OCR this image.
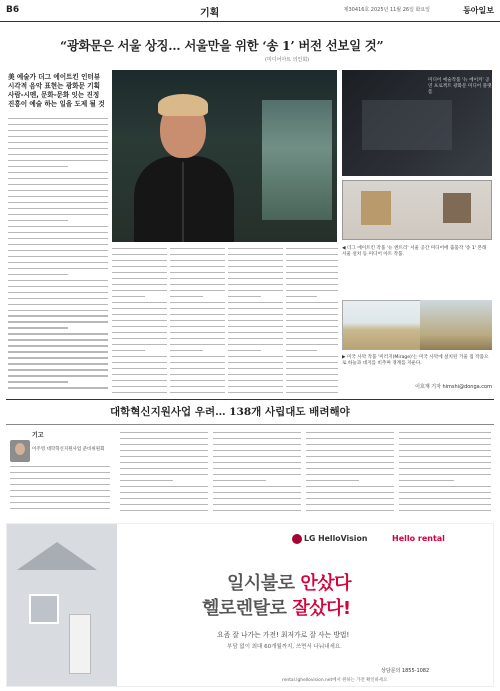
B6	기획	제30416호 2025년 11월 26일 화요일	동아일보
“광화문은 서울 상징… 서울만을 위한 ‘송 1’ 버전 선보일 것”
(미디어아트 의인회)
美 예술가 더그 에이트킨 인터뷰
시각적 음악 표현는 광화문 기획
사람-시멘, 문화-문화 잇는 진정
진흥이 예술 하는 일을 도제 될 것
미디어 예술작품 '뉴 에이커' 공연 프로젝트 광화문 미디어 플랫폼
◀ 더그 에이트킨 작품 '뉴 엔트리' 서울 공간 미디어에 출품작 '송 1' 본래 서울 설치 등 미디어 아트 작품.
▶ 미국 사막 작품 '미러지(Mirage)'는 미국 사막에 설치된 거울 집 작품으로 하늘과 대지를 비추며 경계를 지운다.
이호재 기자 himshi@donga.com
대학혁신지원사업 우려… 138개 사립대도 배려해야
기고
이주영 대학혁신지원사업 준비위원회
LG HelloVision	Hello rental
일시불로 안샀다
헬로렌탈로 잘샀다!
요즘 잘 나가는 가전! 최저가로 잘 사는 방법!
부담 없이 최대 60개월까지, 쓰면서 나눠내세요.
상담문의 1855-1082
rental.lghellovision.net에서 원하는 가전 확인하세요
